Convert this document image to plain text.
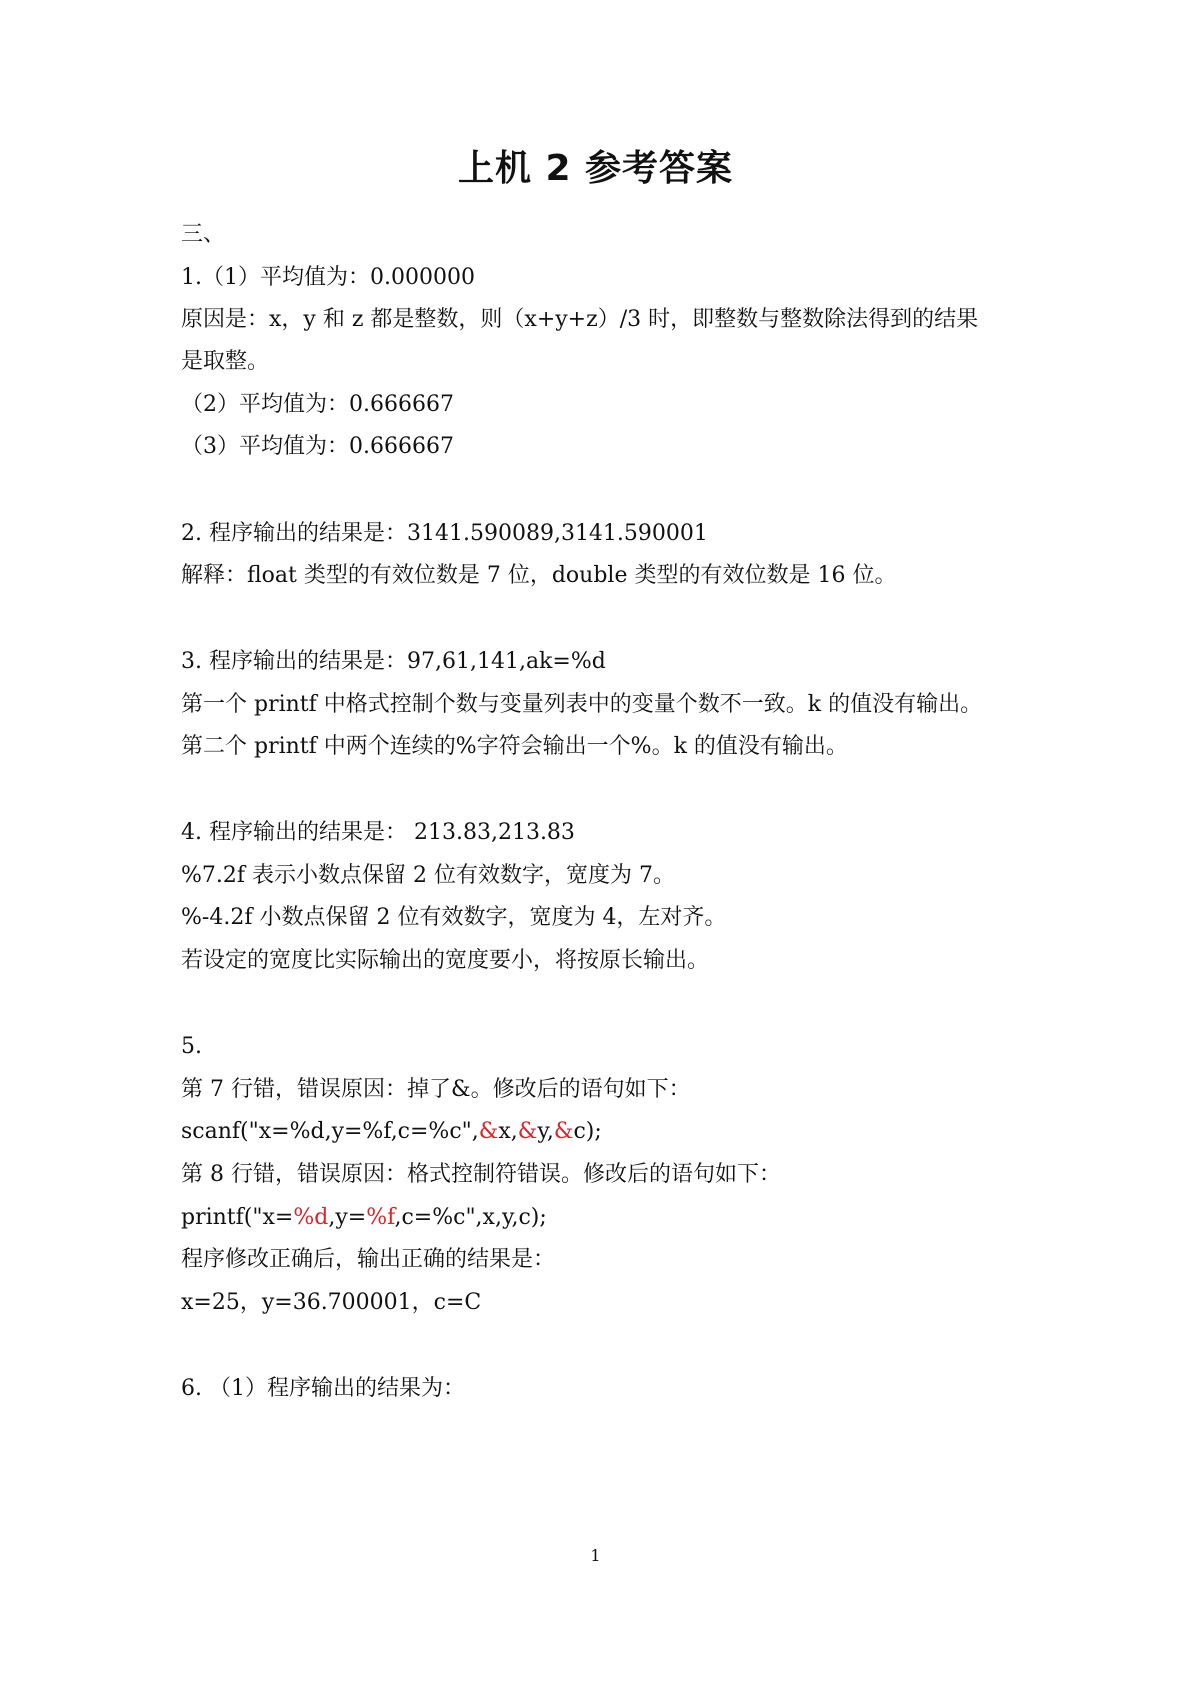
上机 2 参考答案
三、
1.（1）平均值为：0.000000
原因是：x，y 和 z 都是整数，则（x+y+z）/3 时，即整数与整数除法得到的结果
是取整。
（2）平均值为：0.666667
（3）平均值为：0.666667
2. 程序输出的结果是：3141.590089,3141.590001
解释：float 类型的有效位数是 7 位，double 类型的有效位数是 16 位。
3. 程序输出的结果是：97,61,141,ak=%d
第一个 printf 中格式控制个数与变量列表中的变量个数不一致。k 的值没有输出。
第二个 printf 中两个连续的%字符会输出一个%。k 的值没有输出。
4. 程序输出的结果是： 213.83,213.83
%7.2f 表示小数点保留 2 位有效数字，宽度为 7。
%-4.2f 小数点保留 2 位有效数字，宽度为 4，左对齐。
若设定的宽度比实际输出的宽度要小，将按原长输出。
5.
第 7 行错，错误原因：掉了&。修改后的语句如下：
scanf("x=%d,y=%f,c=%c",&x,&y,&c);
第 8 行错，错误原因：格式控制符错误。修改后的语句如下：
printf("x=%d,y=%f,c=%c",x,y,c);
程序修改正确后，输出正确的结果是：
x=25，y=36.700001，c=C
6. （1）程序输出的结果为：
1
